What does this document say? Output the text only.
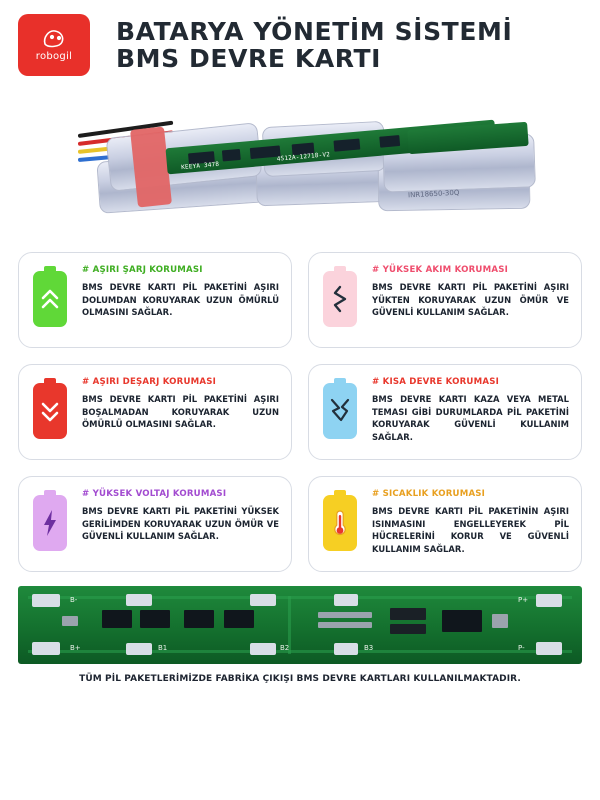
robogil
BATARYA YÖNETİM SİSTEMİ
BMS DEVRE KARTI
4S12A-12718-V2
KEEYA 3478
INR18650-30Q
# AŞIRI ŞARJ KORUMASI
BMS DEVRE KARTI PİL PAKETİNİ AŞIRI DOLUMDAN KORUYARAK UZUN ÖMÜRLÜ OLMASINI SAĞLAR.
# YÜKSEK AKIM KORUMASI
BMS DEVRE KARTI PİL PAKETİNİ AŞIRI YÜKTEN KORUYARAK UZUN ÖMÜR VE GÜVENLİ KULLANIM SAĞLAR.
# AŞIRI DEŞARJ KORUMASI
BMS DEVRE KARTI PİL PAKETİNİ AŞIRI BOŞALMADAN KORUYARAK UZUN ÖMÜRLÜ OLMASINI SAĞLAR.
# KISA DEVRE KORUMASI
BMS DEVRE KARTI KAZA VEYA METAL TEMASI GİBİ DURUMLARDA PİL PAKETİNİ KORUYARAK GÜVENLİ KULLANIM SAĞLAR.
# YÜKSEK VOLTAJ KORUMASI
BMS DEVRE KARTI PİL PAKETİNİ YÜKSEK GERİLİMDEN KORUYARAK UZUN ÖMÜR VE GÜVENLİ KULLANIM SAĞLAR.
# SICAKLIK KORUMASI
BMS DEVRE KARTI PİL PAKETİNİN AŞIRI ISINMASINI ENGELLEYEREK PİL HÜCRELERİNİ KORUR VE GÜVENLİ KULLANIM SAĞLAR.
B-
B+	B1	B2	B3
P+
P-
TÜM PİL PAKETLERİMİZDE FABRİKA ÇIKIŞI BMS DEVRE KARTLARI KULLANILMAKTADIR.
